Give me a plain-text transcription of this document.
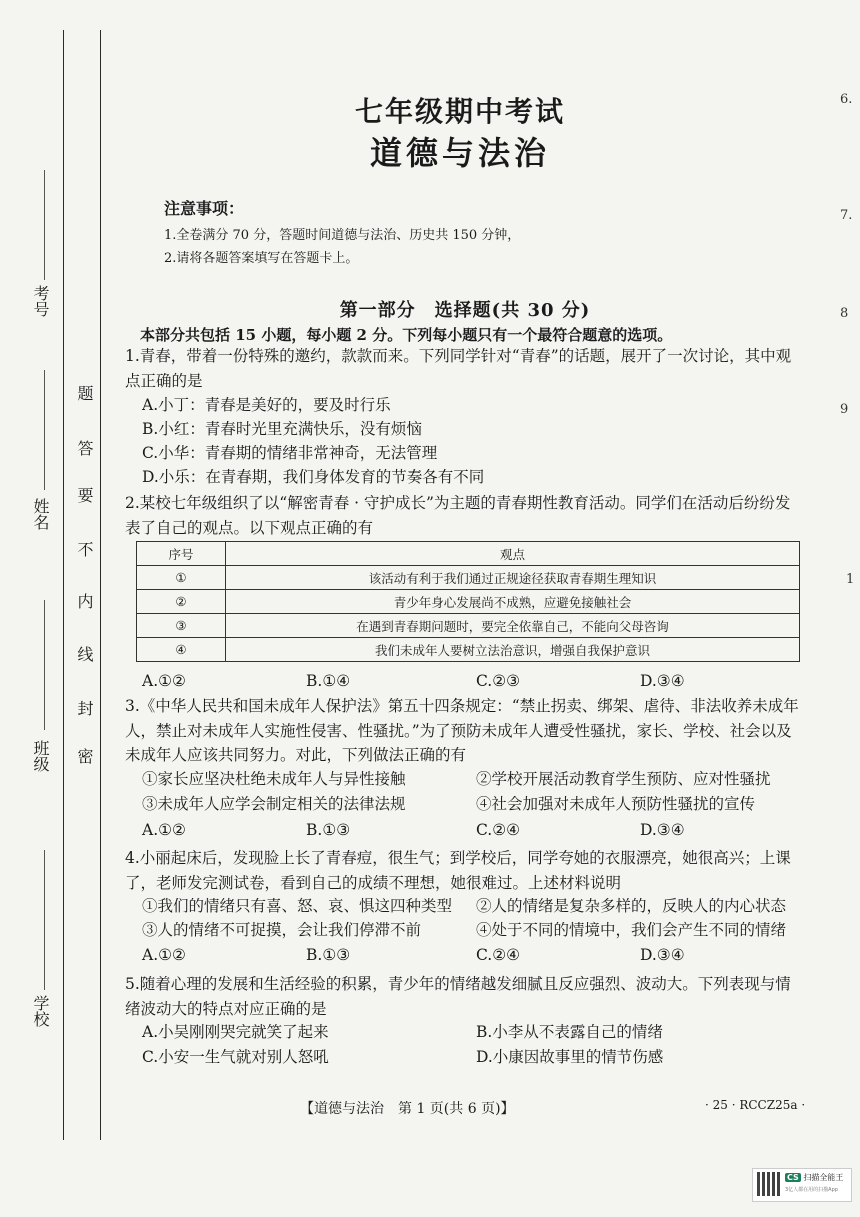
考号
姓名
班级
学校
题
答
要
不
内
线
封
密
七年级期中考试
道德与法治
注意事项：
1.全卷满分 70 分，答题时间道德与法治、历史共 150 分钟，
2.请将各题答案填写在答题卡上。
第一部分　选择题(共 30 分)
本部分共包括 15 小题，每小题 2 分。下列每小题只有一个最符合题意的选项。
1.青春，带着一份特殊的邀约，款款而来。下列同学针对“青春”的话题，展开了一次讨论，其中观点正确的是
A.小丁：青春是美好的，要及时行乐
B.小红：青春时光里充满快乐，没有烦恼
C.小华：青春期的情绪非常神奇，无法管理
D.小乐：在青春期，我们身体发育的节奏各有不同
2.某校七年级组织了以“解密青春 · 守护成长”为主题的青春期性教育活动。同学们在活动后纷纷发表了自己的观点。以下观点正确的有
序号	观点
①	该活动有利于我们通过正规途径获取青春期生理知识
②	青少年身心发展尚不成熟，应避免接触社会
③	在遇到青春期问题时，要完全依靠自己，不能向父母咨询
④	我们未成年人要树立法治意识，增强自我保护意识
A.①②	B.①④	C.②③	D.③④
3.《中华人民共和国未成年人保护法》第五十四条规定：“禁止拐卖、绑架、虐待、非法收养未成年人，禁止对未成年人实施性侵害、性骚扰。”为了预防未成年人遭受性骚扰，家长、学校、社会以及未成年人应该共同努力。对此，下列做法正确的有
①家长应坚决杜绝未成年人与异性接触	②学校开展活动教育学生预防、应对性骚扰
③未成年人应学会制定相关的法律法规	④社会加强对未成年人预防性骚扰的宣传
A.①②	B.①③	C.②④	D.③④
4.小丽起床后，发现脸上长了青春痘，很生气；到学校后，同学夸她的衣服漂亮，她很高兴；上课了，老师发完测试卷，看到自己的成绩不理想，她很难过。上述材料说明
①我们的情绪只有喜、怒、哀、惧这四种类型 ②人的情绪是复杂多样的，反映人的内心状态
③人的情绪不可捉摸，会让我们停滞不前	④处于不同的情境中，我们会产生不同的情绪
A.①②	B.①③	C.②④	D.③④
5.随着心理的发展和生活经验的积累，青少年的情绪越发细腻且反应强烈、波动大。下列表现与情绪波动大的特点对应正确的是
A.小吴刚刚哭完就笑了起来	B.小李从不表露自己的情绪
C.小安一生气就对别人怒吼	D.小康因故事里的情节伤感
【道德与法治　第 1 页(共 6 页)】	· 25 · RCCZ25a ·
6.
7.
8
9
1
CS 扫描全能王
3亿人都在用的扫描App
